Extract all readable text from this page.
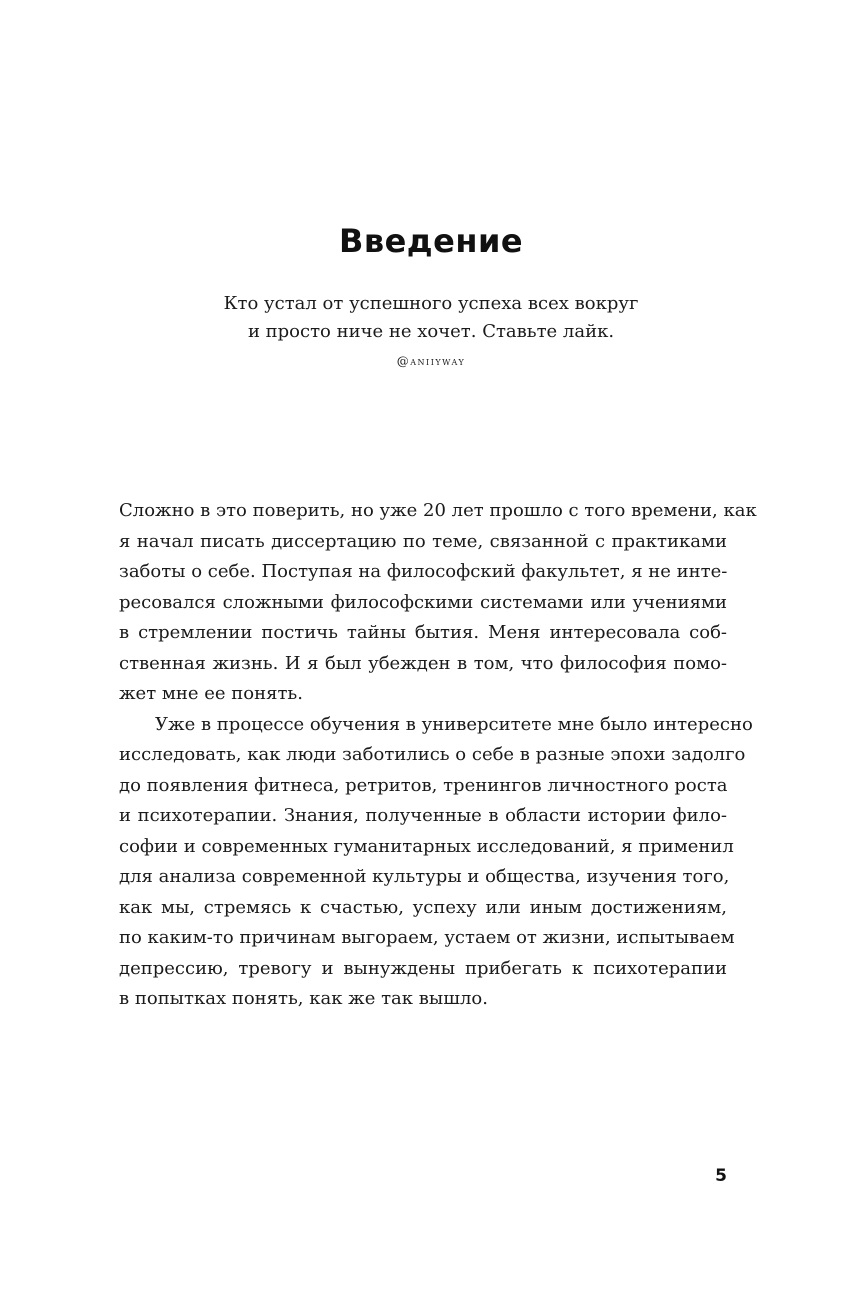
Введение
Кто устал от успешного успеха всех вокруг
и просто ниче не хочет. Ставьте лайк.
@aniiyway
Сложно в это поверить, но уже 20 лет прошло с того времени, как
я начал писать диссертацию по теме, связанной с практиками
заботы о себе. Поступая на философский факультет, я не инте-
ресовался сложными философскими системами или учениями
в стремлении постичь тайны бытия. Меня интересовала соб-
ственная жизнь. И я был убежден в том, что философия помо-
жет мне ее понять.
Уже в процессе обучения в университете мне было интересно
исследовать, как люди заботились о себе в разные эпохи задолго
до появления фитнеса, ретритов, тренингов личностного роста
и психотерапии. Знания, полученные в области истории фило-
софии и современных гуманитарных исследований, я применил
для анализа современной культуры и общества, изучения того,
как мы, стремясь к счастью, успеху или иным достижениям,
по каким-то причинам выгораем, устаем от жизни, испытываем
депрессию, тревогу и вынуждены прибегать к психотерапии
в попытках понять, как же так вышло.
5
